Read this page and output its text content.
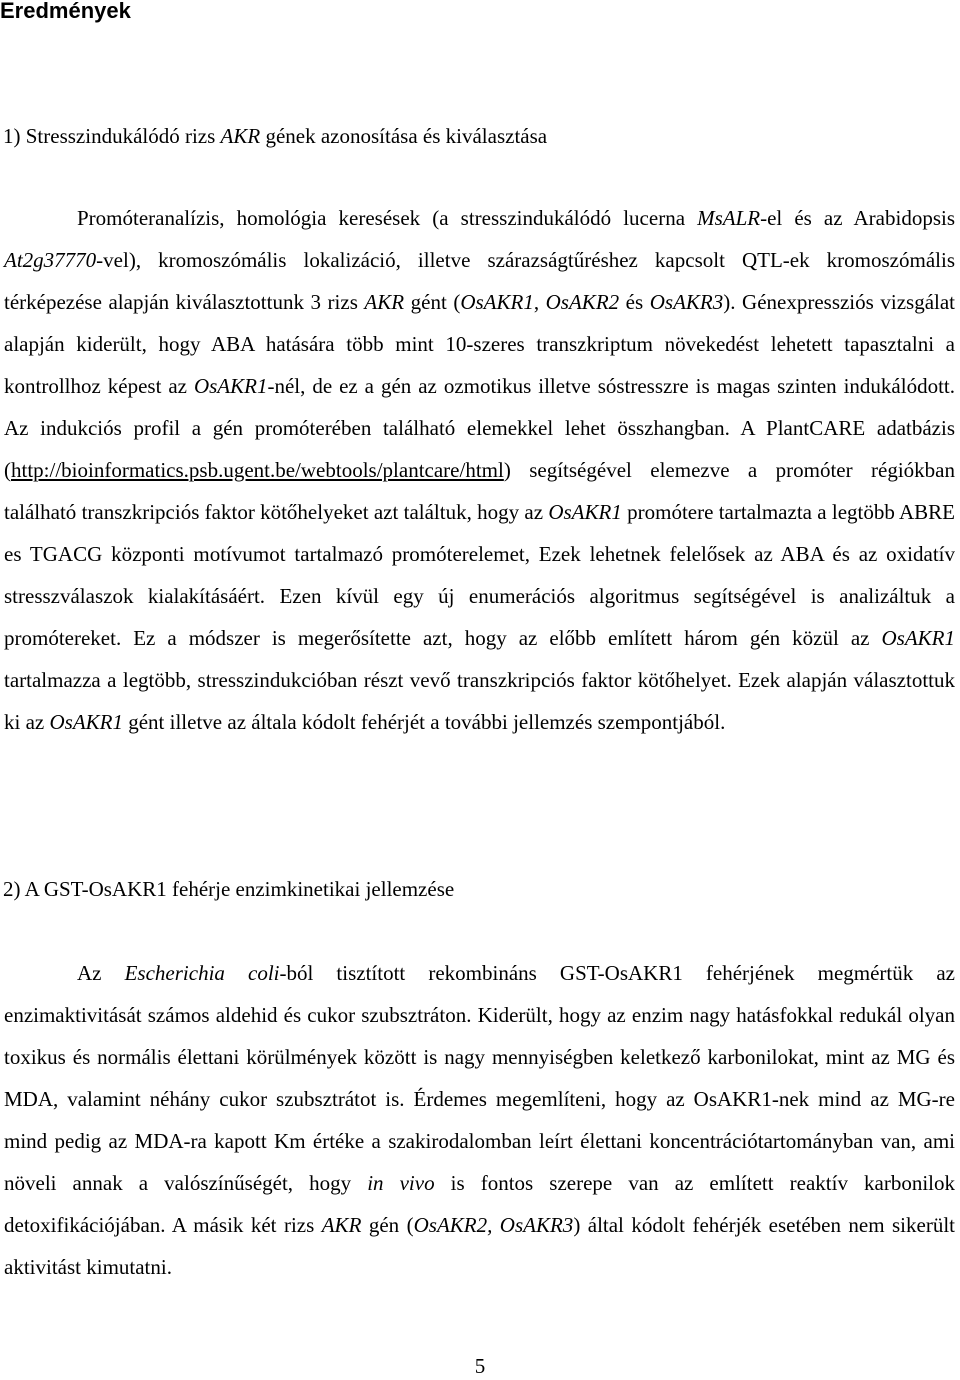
Eredmények
1) Stresszindukálódó rizs AKR gének azonosítása és kiválasztása

Promóteranalízis, homológia keresések (a stresszindukálódó lucerna MsALR-el és az Arabidopsis At2g37770-vel), kromoszómális lokalizáció, illetve szárazságtűréshez kapcsolt QTL-ek kromoszómális térképezése alapján kiválasztottunk 3 rizs AKR gént (OsAKR1, OsAKR2 és OsAKR3). Génexpressziós vizsgálat alapján kiderült, hogy ABA hatására több mint 10-szeres transzkriptum növekedést lehetett tapasztalni a kontrollhoz képest az OsAKR1-nél, de ez a gén az ozmotikus illetve sóstresszre is magas szinten indukálódott. Az indukciós profil a gén promóterében található elemekkel lehet összhangban. A PlantCARE adatbázis (http://bioinformatics.psb.ugent.be/webtools/plantcare/html) segítségével elemezve a promóter régiókban található transzkripciós faktor kötőhelyeket azt találtuk, hogy az OsAKR1 promótere tartalmazta a legtöbb ABRE es TGACG központi motívumot tartalmazó promóterelemet, Ezek lehetnek felelősek az ABA és az oxidatív stresszválaszok kialakításáért. Ezen kívül egy új enumerációs algoritmus segítségével is analizáltuk a promótereket. Ez a módszer is megerősítette azt, hogy az előbb említett három gén közül az OsAKR1 tartalmazza a legtöbb, stresszindukcióban részt vevő transzkripciós faktor kötőhelyet. Ezek alapján választottuk ki az OsAKR1 gént illetve az általa kódolt fehérjét a további jellemzés szempontjából.

2) A GST-OsAKR1 fehérje enzimkinetikai jellemzése

Az Escherichia coli-ból tisztított rekombináns GST-OsAKR1 fehérjének megmértük az enzimaktivitását számos aldehid és cukor szubsztráton. Kiderült, hogy az enzim nagy hatásfokkal redukál olyan toxikus és normális élettani körülmények között is nagy mennyiségben keletkező karbonilokat, mint az MG és MDA, valamint néhány cukor szubsztrátot is. Érdemes megemlíteni, hogy az OsAKR1-nek mind az MG-re mind pedig az MDA-ra kapott Km értéke a szakirodalomban leírt élettani koncentrációtartományban van, ami növeli annak a valószínűségét, hogy in vivo is fontos szerepe van az említett reaktív karbonilok detoxifikációjában. A másik két rizs AKR gén (OsAKR2, OsAKR3) által kódolt fehérjék esetében nem sikerült aktivitást kimutatni.

5
